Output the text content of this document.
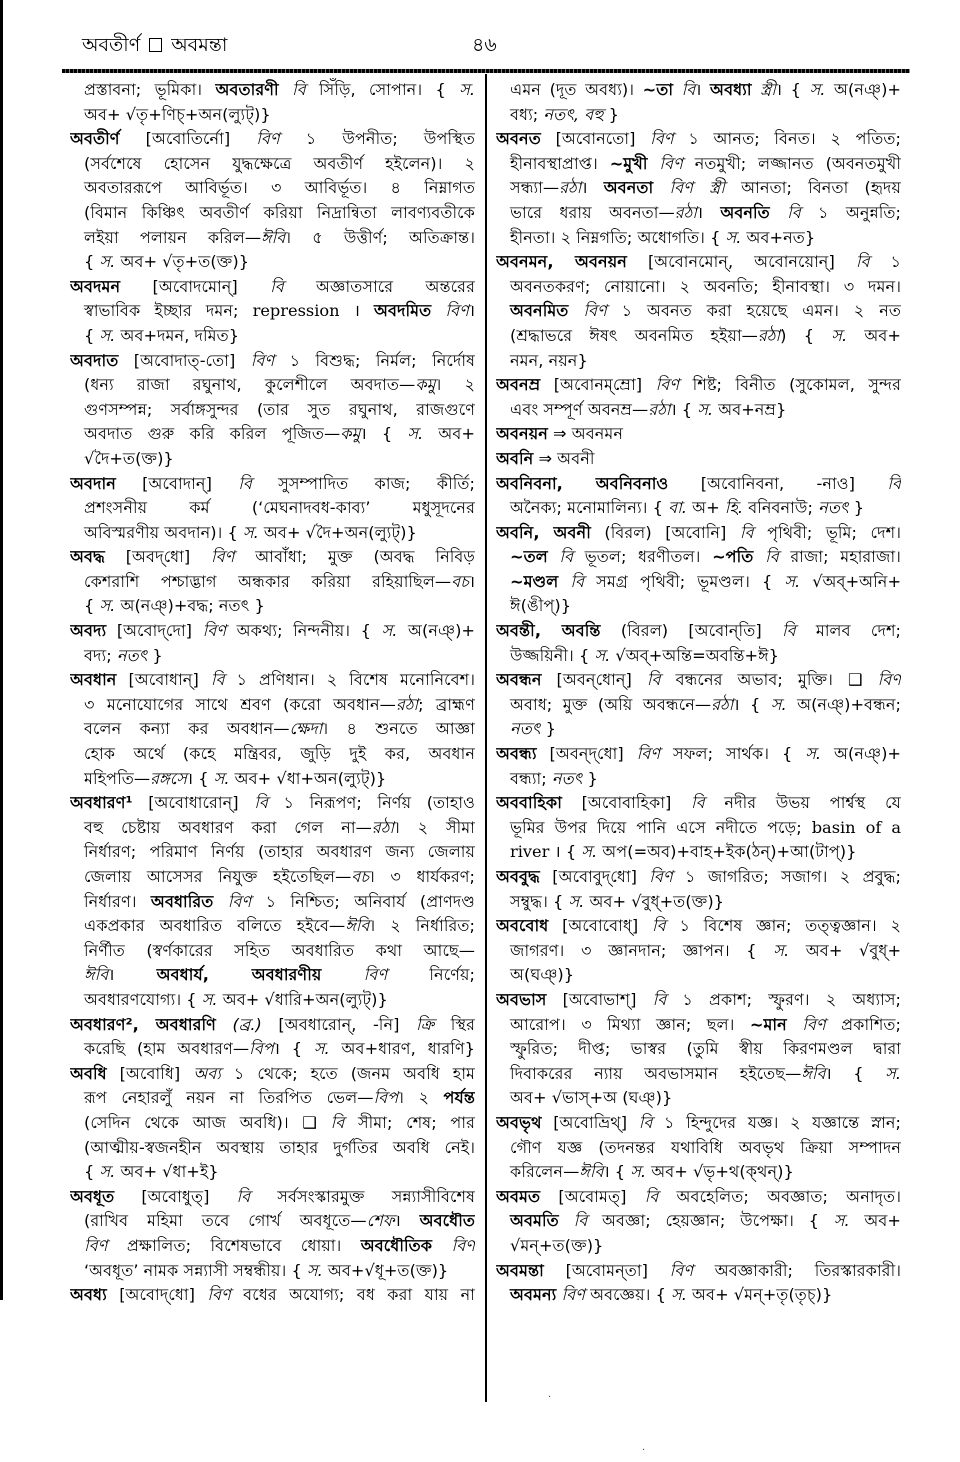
অবতীর্ণ অবমন্তা	৪৬
প্রস্তাবনা; ভূমিকা। অবতারণী বি সিঁড়ি, সোপান। { স.
অব+ √তৃ+ণিচ্+অন(ল্যুট্)}
অবতীর্ণ [অবোতির্নো] বিণ ১ উপনীত; উপস্থিত
(সর্বশেষে হোসেন যুদ্ধক্ষেত্রে অবতীর্ণ হইলেন)। ২
অবতাররূপে আবির্ভূত। ৩ আবির্ভূত। ৪ নিম্নাগত
(বিমান কিঞ্চিৎ অবতীর্ণ করিয়া নিদ্রান্বিতা লাবণ্যবতীকে
লইয়া পলায়ন করিল—ঈবি। ৫ উত্তীর্ণ; অতিক্রান্ত।
{ স. অব+ √তৃ+ত(ক্ত)}
অবদমন [অবোদমোন্] বি অজ্ঞাতসারে অন্তরের
স্বাভাবিক ইচ্ছার দমন; repression । অবদমিত বিণ।
{ স. অব+দমন, দমিত}
অবদাত [অবোদাত্-তো] বিণ ১ বিশুদ্ধ; নির্মল; নির্দোষ
(ধন্য রাজা রঘুনাথ, কুলেশীলে অবদাত—কমু। ২
গুণসম্পন্ন; সর্বাঙ্গসুন্দর (তার সুত রঘুনাথ, রাজগুণে
অবদাত গুরু করি করিল পূজিত—কমু। { স. অব+
√দৈ+ত(ক্ত)}
অবদান [অবোদান্] বি সুসম্পাদিত কাজ; কীর্তি;
প্রশংসনীয় কর্ম (‘মেঘনাদবধ-কাব্য’ মধুসূদনের
অবিস্মরণীয় অবদান)। { স. অব+ √দৈ+অন(ল্যুট্)}
অবদ্ধ [অবদ্‌ধো] বিণ আবাঁধা; মুক্ত (অবদ্ধ নিবিড়
কেশরাশি পশ্চাদ্ভাগ অন্ধকার করিয়া রহিয়াছিল—বচ।
{ স. অ(নঞ্)+বদ্ধ; নতৎ }
অবদ্য [অবোদ্‌দো] বিণ অকথ্য; নিন্দনীয়। { স. অ(নঞ্)+
বদ্য; নতৎ }
অবধান [অবোধান্] বি ১ প্রণিধান। ২ বিশেষ মনোনিবেশ।
৩ মনোযোগের সাথে শ্রবণ (করো অবধান—রঠা; ব্রাহ্মণ
বলেন কন্যা কর অবধান—ক্ষেদা। ৪ শুনতে আজ্ঞা
হোক অর্থে (কহে মন্ত্রিবর, জুড়ি দুই কর, অবধান
মহিপতি—রঙ্গসে। { স. অব+ √ধা+অন(ল্যুট্)}
অবধারণ¹ [অবোধারোন্] বি ১ নিরূপণ; নির্ণয় (তাহাও
বহু চেষ্টায় অবধারণ করা গেল না—রঠা। ২ সীমা
নির্ধারণ; পরিমাণ নির্ণয় (তাহার অবধারণ জন্য জেলায়
জেলায় আসেসর নিযুক্ত হইতেছিল—বচ। ৩ ধার্যকরণ;
নির্ধারণ। অবধারিত বিণ ১ নিশ্চিত; অনিবার্য (প্রাণদণ্ড
একপ্রকার অবধারিত বলিতে হইবে—ঈবি। ২ নির্ধারিত;
নির্ণীত (স্বর্ণকারের সহিত অবধারিত কথা আছে—
ঈবি। অবধার্য, অবধারণীয় বিণ নির্ণেয়;
অবধারণযোগ্য। { স. অব+ √ধারি+অন(ল্যুট্)}
অবধারণ², অবধারণি (ব্র.) [অবধারোন্, -নি] ক্রি স্থির
করেছি (হাম অবধারণ—বিপ। { স. অব+ধারণ, ধারণি}
অবধি [অবোধি] অব্য ১ থেকে; হতে (জনম অবধি হাম
রূপ নেহারলুঁ নয়ন না তিরপিত ভেল—বিপ। ২ পর্যন্ত
(সেদিন থেকে আজ অবধি)। ❑ বি সীমা; শেষ; পার
(আত্মীয়-স্বজনহীন অবস্থায় তাহার দুর্গতির অবধি নেই।
{ স. অব+ √ধা+ই}
অবধূত [অবোধুত্] বি সর্বসংস্কারমুক্ত সন্ন্যাসীবিশেষ
(রাখিব মহিমা তবে গোর্খ অবধূতে—শেফ। অবধৌত
বিণ প্রক্ষালিত; বিশেষভাবে ধোয়া। অবধৌতিক বিণ
‘অবধূত’ নামক সন্ন্যাসী সম্বন্ধীয়। { স. অব+√ধূ+ত(ক্ত)}
অবধ্য [অবোদ্‌ধো] বিণ বধের অযোগ্য; বধ করা যায় না
এমন (দূত অবধ্য)। ~তা বি। অবধ্যা স্ত্রী। { স. অ(নঞ্)+
বধ্য; নতৎ, বহু }
অবনত [অবোনতো] বিণ ১ আনত; বিনত। ২ পতিত;
হীনাবস্থাপ্রাপ্ত। ~মুখী বিণ নতমুখী; লজ্জানত (অবনতমুখী
সন্ধ্যা—রঠা। অবনতা বিণ স্ত্রী আনতা; বিনতা (হৃদয়
ভারে ধরায় অবনতা—রঠা। অবনতি বি ১ অনুন্নতি;
হীনতা। ২ নিম্নগতি; অধোগতি। { স. অব+নত}
অবনমন, অবনয়ন [অবোনমোন্, অবোনয়োন্] বি ১
অবনতকরণ; নোয়ানো। ২ অবনতি; হীনাবস্থা। ৩ দমন।
অবনমিত বিণ ১ অবনত করা হয়েছে এমন। ২ নত
(শ্রদ্ধাভরে ঈষৎ অবনমিত হইয়া—রঠা) { স. অব+
নমন, নয়ন}
অবনম্র [অবোনম্‌ম্রো] বিণ শিষ্ট; বিনীত (সুকোমল, সুন্দর
এবং সম্পূর্ণ অবনম্র—রঠা। { স. অব+নম্র}
অবনয়ন ⇒ অবনমন
অবনি ⇒ অবনী
অবনিবনা, অবনিবনাও [অবোনিবনা, -নাও] বি
অনৈক্য; মনোমালিন্য। { বা. অ+ হি. বনিবনাউ; নতৎ }
অবনি, অবনী (বিরল) [অবোনি] বি পৃথিবী; ভূমি; দেশ।
~তল বি ভূতল; ধরণীতল। ~পতি বি রাজা; মহারাজা।
~মণ্ডল বি সমগ্র পৃথিবী; ভূমণ্ডল। { স. √অব্+অনি+
ঈ(ঙীপ্)}
অবন্তী, অবন্তি (বিরল) [অবোন্‌তি] বি মালব দেশ;
উজ্জয়িনী। { স. √অব্+অন্তি=অবন্তি+ঈ}
অবন্ধন [অবন্‌ধোন্] বি বন্ধনের অভাব; মুক্তি। ❑ বিণ
অবাধ; মুক্ত (অয়ি অবন্ধনে—রঠা। { স. অ(নঞ্)+বন্ধন;
নতৎ }
অবন্ধ্য [অবন্‌দ্‌ধো] বিণ সফল; সার্থক। { স. অ(নঞ্)+
বন্ধ্যা; নতৎ }
অববাহিকা [অবোবাহিকা] বি নদীর উভয় পার্শ্বস্থ যে
ভূমির উপর দিয়ে পানি এসে নদীতে পড়ে; basin of a
river । { স. অপ(=অব)+বাহ+ইক(ঠন্)+আ(টাপ্)}
অববুদ্ধ [অবোবুদ্‌ধো] বিণ ১ জাগরিত; সজাগ। ২ প্রবুদ্ধ;
সম্বুদ্ধ। { স. অব+ √বুধ্+ত(ক্ত)}
অববোধ [অবোবোধ্] বি ১ বিশেষ জ্ঞান; তত্ত্বজ্ঞান। ২
জাগরণ। ৩ জ্ঞানদান; জ্ঞাপন। { স. অব+ √বুধ্+
অ(ঘঞ্)}
অবভাস [অবোভাশ্] বি ১ প্রকাশ; স্ফুরণ। ২ অধ্যাস;
আরোপ। ৩ মিথ্যা জ্ঞান; ছল। ~মান বিণ প্রকাশিত;
স্ফুরিত; দীপ্ত; ভাস্বর (তুমি স্বীয় কিরণমণ্ডল দ্বারা
দিবাকরের ন্যায় অবভাসমান হইতেছ—ঈবি। { স.
অব+ √ভাস্+অ (ঘঞ্)}
অবভৃথ [অবোভ্রিথ্] বি ১ হিন্দুদের যজ্ঞ। ২ যজ্ঞান্তে স্নান;
গৌণ যজ্ঞ (তদনন্তর যথাবিধি অবভৃথ ক্রিয়া সম্পাদন
করিলেন—ঈবি। { স. অব+ √ভৃ+থ(ক্থন্)}
অবমত [অবোমত্] বি অবহেলিত; অবজ্ঞাত; অনাদৃত।
অবমতি বি অবজ্ঞা; হেয়জ্ঞান; উপেক্ষা। { স. অব+
√মন্+ত(ক্ত)}
অবমন্তা [অবোমন্‌তা] বিণ অবজ্ঞাকারী; তিরস্কারকারী।
অবমন্য বিণ অবজ্ঞেয়। { স. অব+ √মন্+তৃ(তৃচ্)}
·
·
